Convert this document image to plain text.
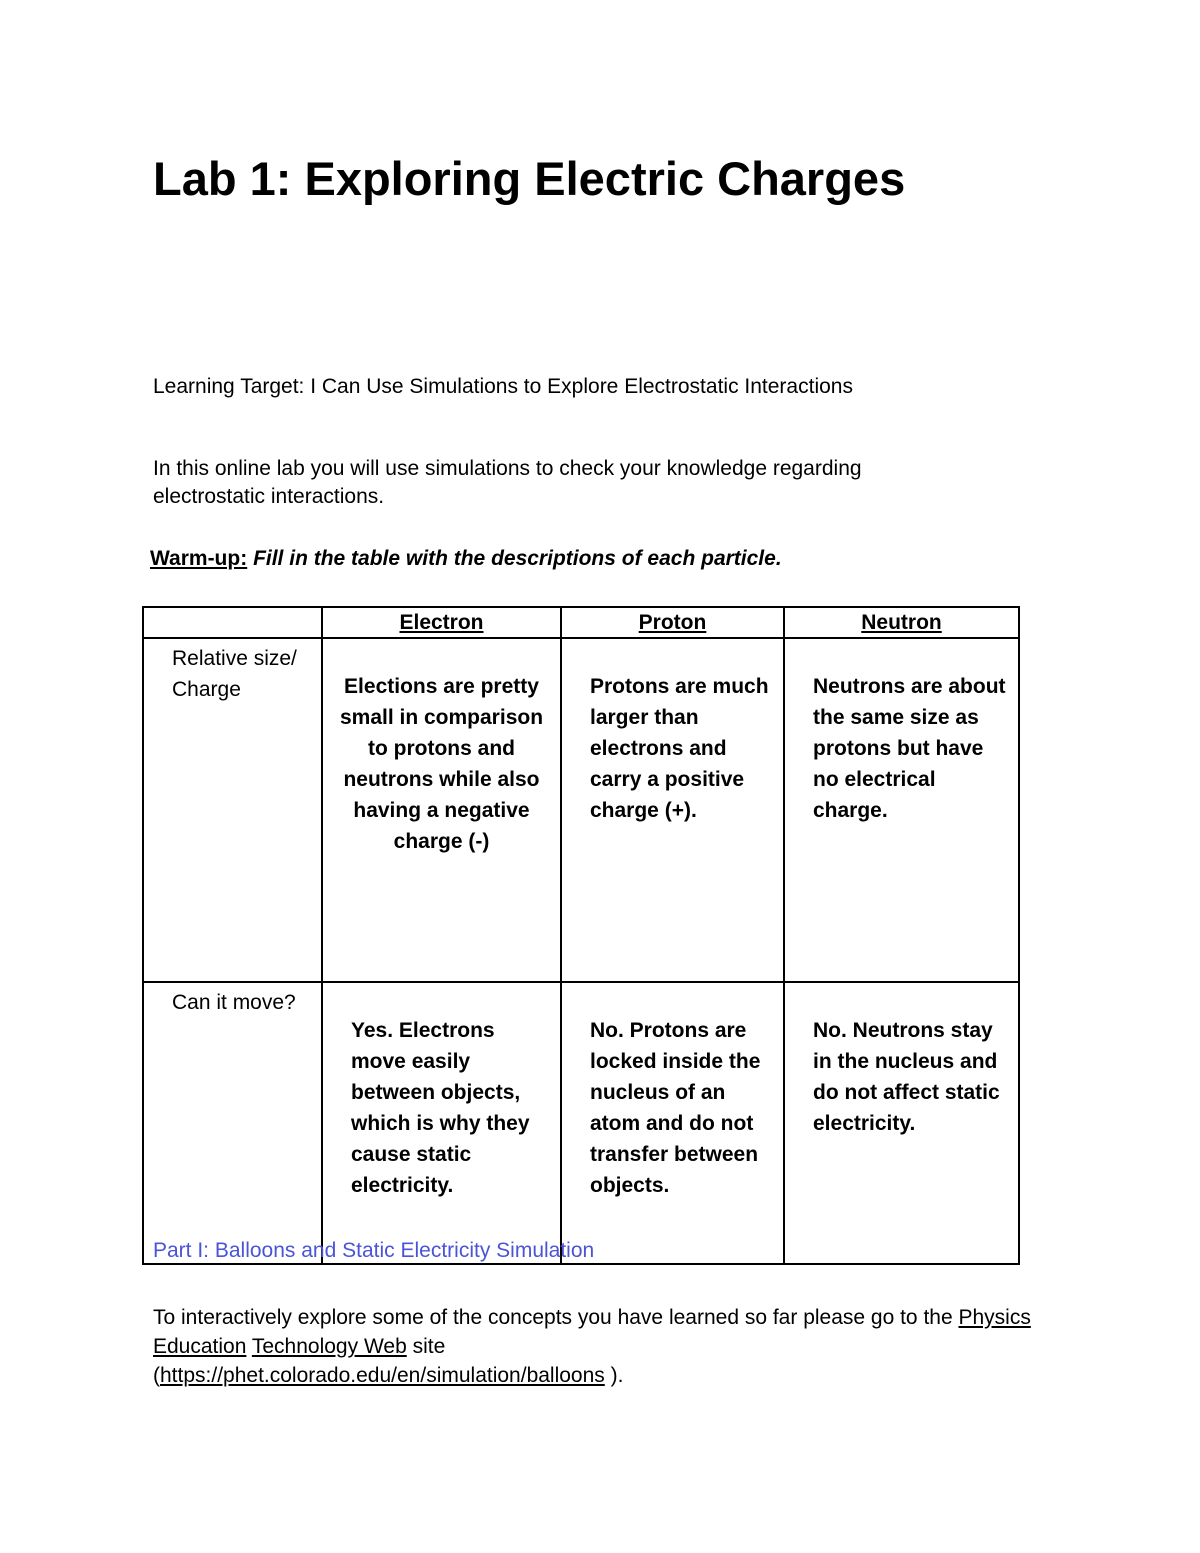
Lab 1: Exploring Electric Charges

Learning Target: I Can Use Simulations to Explore Electrostatic Interactions

In this online lab you will use simulations to check your knowledge regarding electrostatic interactions.

Warm-up: Fill in the table with the descriptions of each particle.

	Electron	Proton	Neutron
Relative size/ Charge	Elections are pretty small in comparison to protons and neutrons while also having a negative charge (-)	Protons are much larger than electrons and carry a positive charge (+).	Neutrons are about the same size as protons but have no electrical charge.
Can it move?	Yes. Electrons move easily between objects, which is why they cause static electricity.	No. Protons are locked inside the nucleus of an atom and do not transfer between objects.	No. Neutrons stay in the nucleus and do not affect static electricity.

Part I: Balloons and Static Electricity Simulation

To interactively explore some of the concepts you have learned so far please go to the Physics Education Technology Web site
(https://phet.colorado.edu/en/simulation/balloons ).
